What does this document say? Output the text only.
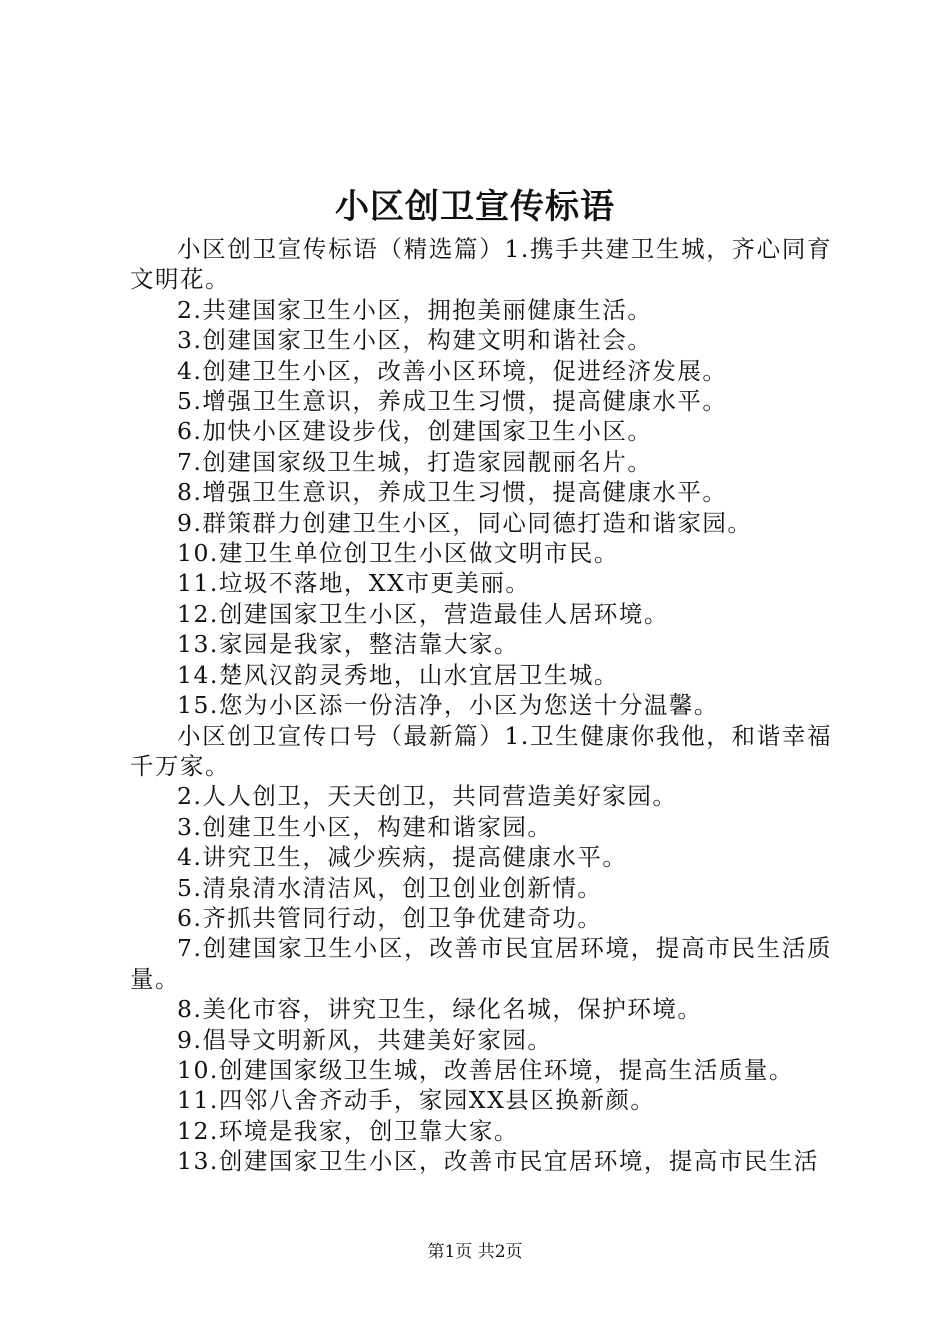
小区创卫宣传标语

小区创卫宣传标语（精选篇）1.携手共建卫生城，齐心同育文明花。

2.共建国家卫生小区，拥抱美丽健康生活。

3.创建国家卫生小区，构建文明和谐社会。

4.创建卫生小区，改善小区环境，促进经济发展。

5.增强卫生意识，养成卫生习惯，提高健康水平。

6.加快小区建设步伐，创建国家卫生小区。

7.创建国家级卫生城，打造家园靓丽名片。

8.增强卫生意识，养成卫生习惯，提高健康水平。

9.群策群力创建卫生小区，同心同德打造和谐家园。

10.建卫生单位创卫生小区做文明市民。

11.垃圾不落地，XX市更美丽。

12.创建国家卫生小区，营造最佳人居环境。

13.家园是我家，整洁靠大家。

14.楚风汉韵灵秀地，山水宜居卫生城。

15.您为小区添一份洁净，小区为您送十分温馨。

小区创卫宣传口号（最新篇）1.卫生健康你我他，和谐幸福千万家。

2.人人创卫，天天创卫，共同营造美好家园。

3.创建卫生小区，构建和谐家园。

4.讲究卫生，减少疾病，提高健康水平。

5.清泉清水清洁风，创卫创业创新情。

6.齐抓共管同行动，创卫争优建奇功。

7.创建国家卫生小区，改善市民宜居环境，提高市民生活质量。

8.美化市容，讲究卫生，绿化名城，保护环境。

9.倡导文明新风，共建美好家园。

10.创建国家级卫生城，改善居住环境，提高生活质量。

11.四邻八舍齐动手，家园XX县区换新颜。

12.环境是我家，创卫靠大家。

13.创建国家卫生小区，改善市民宜居环境，提高市民生活

第1页 共2页
